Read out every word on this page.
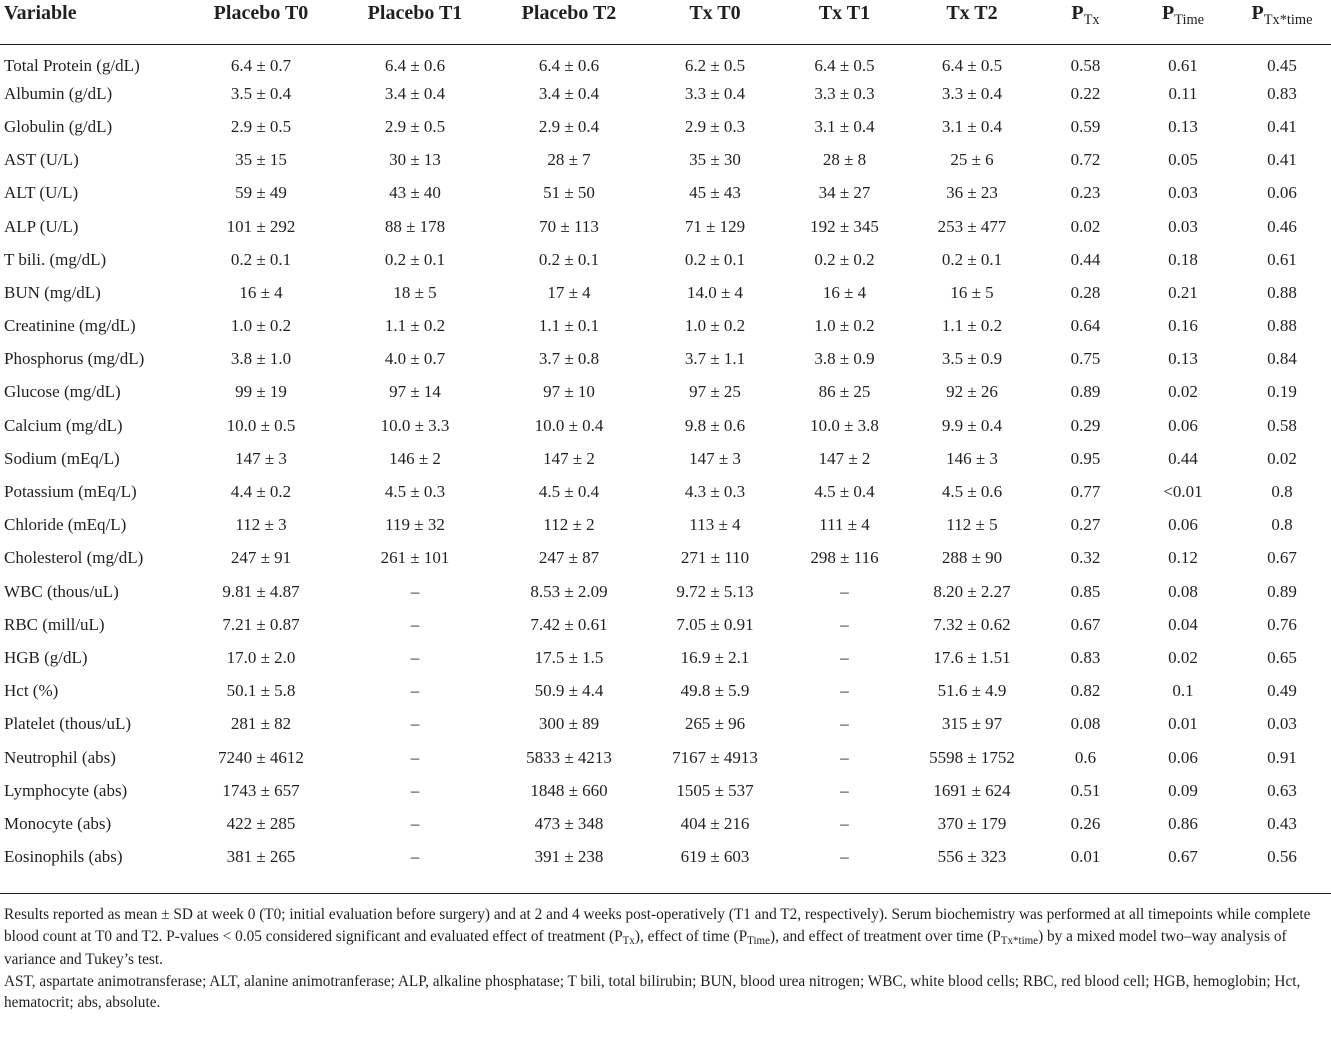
Variable	Placebo T0	Placebo T1	Placebo T2	Tx T0	Tx T1	Tx T2	$P_{Tx}$	$P_{Time}$	$P_{Tx*time}$
Total Protein (g/dL)	6.4 ± 0.7	6.4 ± 0.6	6.4 ± 0.6	6.2 ± 0.5	6.4 ± 0.5	6.4 ± 0.5	0.58	0.61	0.45
Albumin (g/dL)	3.5 ± 0.4	3.4 ± 0.4	3.4 ± 0.4	3.3 ± 0.4	3.3 ± 0.3	3.3 ± 0.4	0.22	0.11	0.83
Globulin (g/dL)	2.9 ± 0.5	2.9 ± 0.5	2.9 ± 0.4	2.9 ± 0.3	3.1 ± 0.4	3.1 ± 0.4	0.59	0.13	0.41
AST (U/L)	35 ± 15	30 ± 13	28 ± 7	35 ± 30	28 ± 8	25 ± 6	0.72	0.05	0.41
ALT (U/L)	59 ± 49	43 ± 40	51 ± 50	45 ± 43	34 ± 27	36 ± 23	0.23	0.03	0.06
ALP (U/L)	101 ± 292	88 ± 178	70 ± 113	71 ± 129	192 ± 345	253 ± 477	0.02	0.03	0.46
T bili. (mg/dL)	0.2 ± 0.1	0.2 ± 0.1	0.2 ± 0.1	0.2 ± 0.1	0.2 ± 0.2	0.2 ± 0.1	0.44	0.18	0.61
BUN (mg/dL)	16 ± 4	18 ± 5	17 ± 4	14.0 ± 4	16 ± 4	16 ± 5	0.28	0.21	0.88
Creatinine (mg/dL)	1.0 ± 0.2	1.1 ± 0.2	1.1 ± 0.1	1.0 ± 0.2	1.0 ± 0.2	1.1 ± 0.2	0.64	0.16	0.88
Phosphorus (mg/dL)	3.8 ± 1.0	4.0 ± 0.7	3.7 ± 0.8	3.7 ± 1.1	3.8 ± 0.9	3.5 ± 0.9	0.75	0.13	0.84
Glucose (mg/dL)	99 ± 19	97 ± 14	97 ± 10	97 ± 25	86 ± 25	92 ± 26	0.89	0.02	0.19
Calcium (mg/dL)	10.0 ± 0.5	10.0 ± 3.3	10.0 ± 0.4	9.8 ± 0.6	10.0 ± 3.8	9.9 ± 0.4	0.29	0.06	0.58
Sodium (mEq/L)	147 ± 3	146 ± 2	147 ± 2	147 ± 3	147 ± 2	146 ± 3	0.95	0.44	0.02
Potassium (mEq/L)	4.4 ± 0.2	4.5 ± 0.3	4.5 ± 0.4	4.3 ± 0.3	4.5 ± 0.4	4.5 ± 0.6	0.77	<0.01	0.8
Chloride (mEq/L)	112 ± 3	119 ± 32	112 ± 2	113 ± 4	111 ± 4	112 ± 5	0.27	0.06	0.8
Cholesterol (mg/dL)	247 ± 91	261 ± 101	247 ± 87	271 ± 110	298 ± 116	288 ± 90	0.32	0.12	0.67
WBC (thous/uL)	9.81 ± 4.87	–	8.53 ± 2.09	9.72 ± 5.13	–	8.20 ± 2.27	0.85	0.08	0.89
RBC (mill/uL)	7.21 ± 0.87	–	7.42 ± 0.61	7.05 ± 0.91	–	7.32 ± 0.62	0.67	0.04	0.76
HGB (g/dL)	17.0 ± 2.0	–	17.5 ± 1.5	16.9 ± 2.1	–	17.6 ± 1.51	0.83	0.02	0.65
Hct (%)	50.1 ± 5.8	–	50.9 ± 4.4	49.8 ± 5.9	–	51.6 ± 4.9	0.82	0.1	0.49
Platelet (thous/uL)	281 ± 82	–	300 ± 89	265 ± 96	–	315 ± 97	0.08	0.01	0.03
Neutrophil (abs)	7240 ± 4612	–	5833 ± 4213	7167 ± 4913	–	5598 ± 1752	0.6	0.06	0.91
Lymphocyte (abs)	1743 ± 657	–	1848 ± 660	1505 ± 537	–	1691 ± 624	0.51	0.09	0.63
Monocyte (abs)	422 ± 285	–	473 ± 348	404 ± 216	–	370 ± 179	0.26	0.86	0.43
Eosinophils (abs)	381 ± 265	–	391 ± 238	619 ± 603	–	556 ± 323	0.01	0.67	0.56

Results reported as mean ± SD at week 0 (T0; initial evaluation before surgery) and at 2 and 4 weeks post-operatively (T1 and T2, respectively). Serum biochemistry was performed at all timepoints while complete blood count at T0 and T2. P-values < 0.05 considered significant and evaluated effect of treatment $(P_{Tx})$, effect of time $(P_{Time})$, and effect of treatment over time $(P_{Tx*time})$ by a mixed model two–way analysis of variance and Tukey’s test.

AST, aspartate animotransferase; ALT, alanine animotranferase; ALP, alkaline phosphatase; T bili, total bilirubin; BUN, blood urea nitrogen; WBC, white blood cells; RBC, red blood cell; HGB, hemoglobin; Hct, hematocrit; abs, absolute.
